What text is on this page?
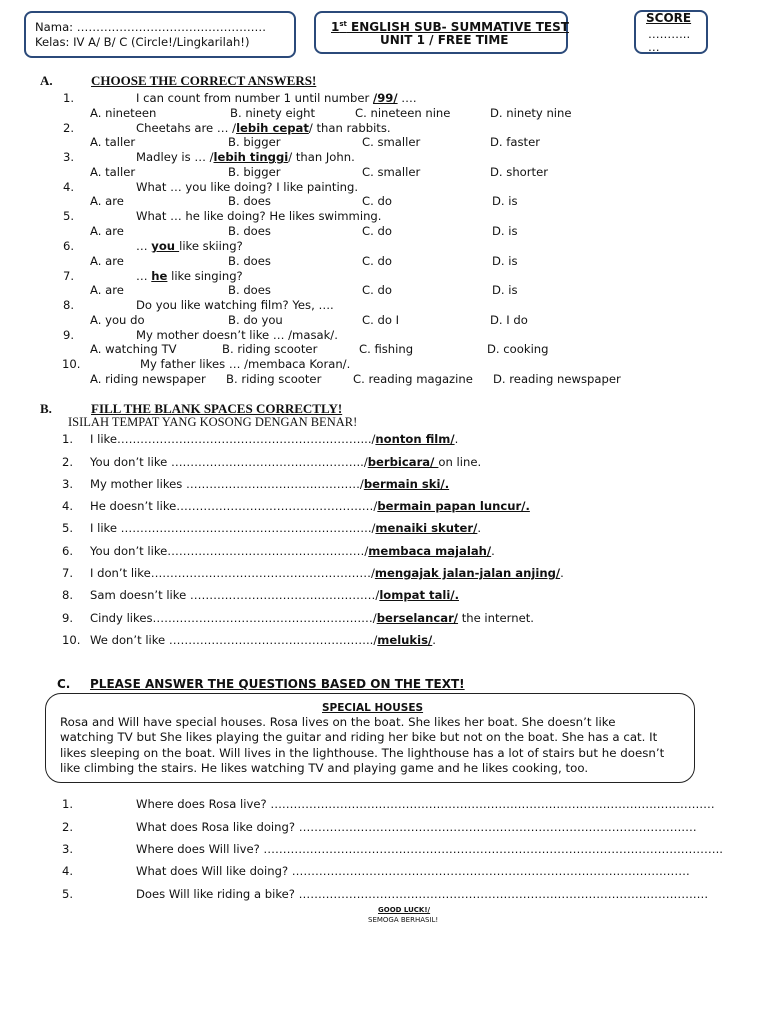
Nama: ………………………………………….
Kelas: IV A/ B/ C (Circle!/Lingkarilah!)
1st ENGLISH SUB- SUMMATIVE TEST
UNIT 1 / FREE TIME
SCORE
………..
…
A.	CHOOSE THE CORRECT ANSWERS!
1.	I can count from number 1 until number /99/ ….
A. nineteen	B. ninety eight	C. nineteen nine	D. ninety nine
2.	Cheetahs are … /lebih cepat/ than rabbits.
A. taller	B. bigger	C. smaller	D. faster
3.	Madley is … /lebih tinggi/ than John.
A. taller	B. bigger	C. smaller	D. shorter
4.	What … you like doing? I like painting.
A. are	B. does	C. do	D. is
5.	What … he like doing? He likes swimming.
A. are	B. does	C. do	D. is
6.	… you like skiing?
A. are	B. does	C. do	D. is
7.	… he like singing?
A. are	B. does	C. do	D. is
8.	Do you like watching film? Yes, ….
A. you do	B. do you	C. do I	D. I do
9.	My mother doesn’t like … /masak/.
A. watching TV	B. riding scooter	C. fishing	D. cooking
10.	My father likes … /membaca Koran/.
A. riding newspaper B. riding scooter	C. reading magazine D. reading newspaper
B.	FILL THE BLANK SPACES CORRECTLY!
ISILAH TEMPAT YANG KOSONG DENGAN BENAR!
1. I like……………………………………………………….../nonton film/.
2. You don’t like …………………………………………../berbicara/ on line.
3. My mother likes ………………………………………/bermain ski/.
4. He doesn’t like……………………………………………/bermain papan luncur/.
5. I like ………………………………………………………../menaiki skuter/.
6. You don’t like……………………………………………/membaca majalah/.
7. I don’t like…………………………………………………/mengajak jalan-jalan anjing/.
8. Sam doesn’t like …………………………………………/lompat tali/.
9. Cindy likes…………………………………………………/berselancar/ the internet.
10. We don’t like ……………………………………………../melukis/.
C. PLEASE ANSWER THE QUESTIONS BASED ON THE TEXT!
SPECIAL HOUSES
Rosa and Will have special houses. Rosa lives on the boat. She likes her boat. She doesn’t like
watching TV but She likes playing the guitar and riding her bike but not on the boat. She has a cat. It
likes sleeping on the boat. Will lives in the lighthouse. The lighthouse has a lot of stairs but he doesn’t
like climbing the stairs. He likes watching TV and playing game and he likes cooking, too.
1.	Where does Rosa live? …………………………………………………………………………………………………….
2.	What does Rosa like doing? ………………………………………………………………………………………….
3.	Where does Will live? ………………………………………………………………………………………………………..
4.	What does Will like doing? ………………………………………………………………………………………….
5.	Does Will like riding a bike? …………………………………………………………………………………………….
GOOD LUCK!/
SEMOGA BERHASIL!
